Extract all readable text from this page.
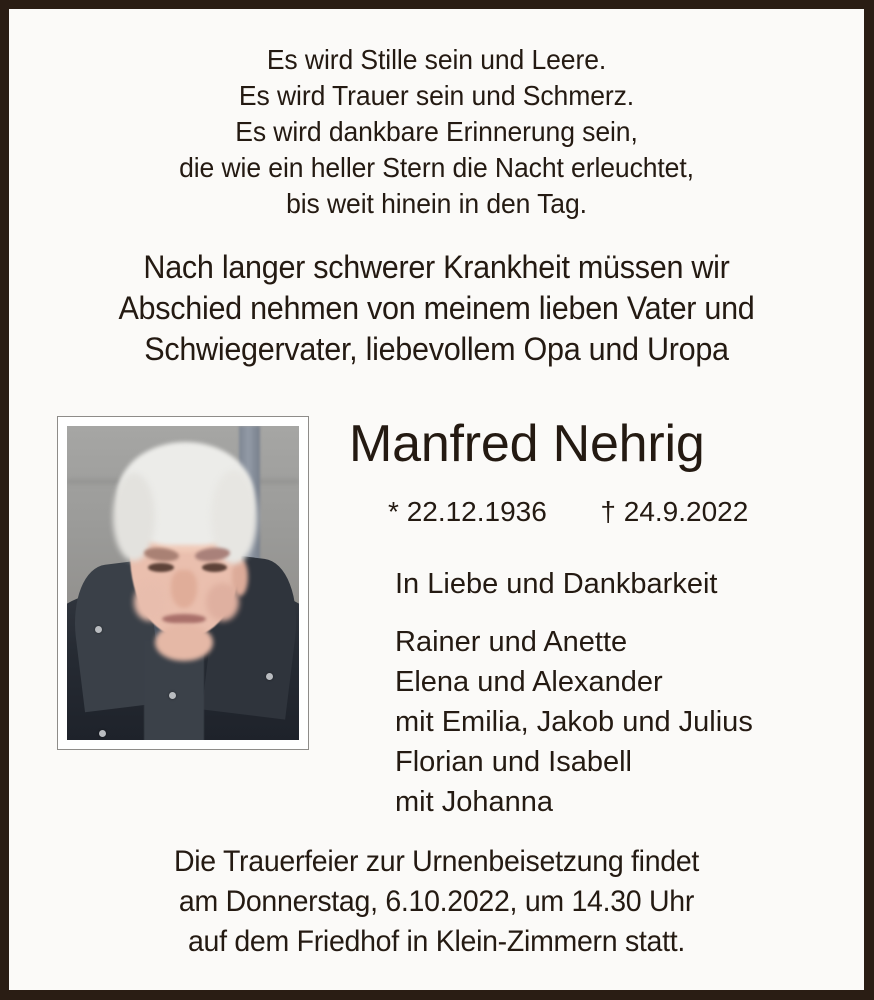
Es wird Stille sein und Leere.
Es wird Trauer sein und Schmerz.
Es wird dankbare Erinnerung sein,
die wie ein heller Stern die Nacht erleuchtet,
bis weit hinein in den Tag.
Nach langer schwerer Krankheit müssen wir
Abschied nehmen von meinem lieben Vater und
Schwiegervater, liebevollem Opa und Uropa
Manfred Nehrig
* 22.12.1936 † 24.9.2022
In Liebe und Dankbarkeit
Rainer und Anette
Elena und Alexander
mit Emilia, Jakob und Julius
Florian und Isabell
mit Johanna
Die Trauerfeier zur Urnenbeisetzung findet
am Donnerstag, 6.10.2022, um 14.30 Uhr
auf dem Friedhof in Klein-Zimmern statt.
